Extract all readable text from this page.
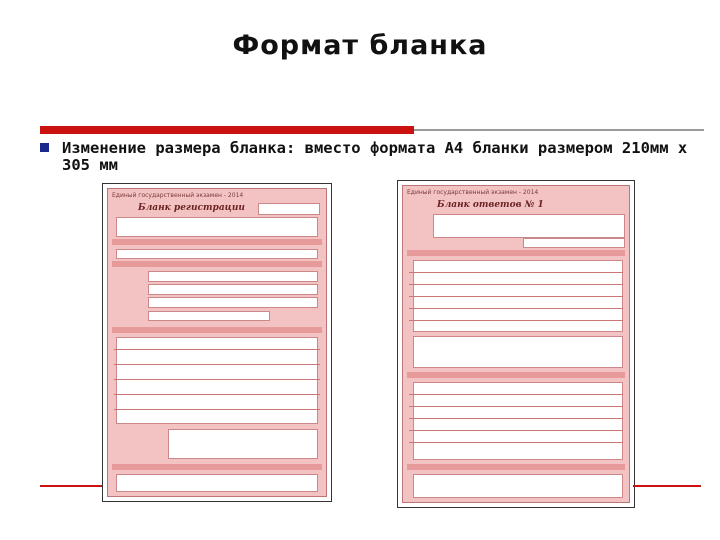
Формат бланка
Изменение размера бланка: вместо формата А4 бланки размером 210мм х 305 мм
Единый государственный экзамен - 2014
Бланк регистрации
Единый государственный экзамен - 2014
Бланк ответов № 1
